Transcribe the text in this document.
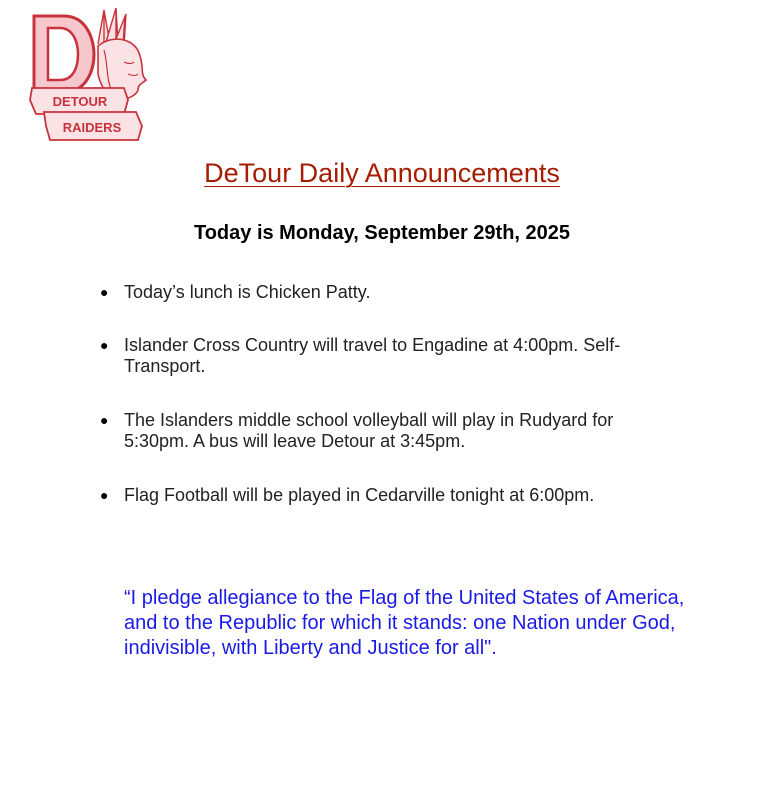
DETOUR
RAIDERS
DeTour Daily Announcements
Today is Monday, September 29th, 2025
● Today’s lunch is Chicken Patty.
● Islander Cross Country will travel to Engadine at 4:00pm. Self-Transport.
● The Islanders middle school volleyball will play in Rudyard for 5:30pm. A bus will leave Detour at 3:45pm.
● Flag Football will be played in Cedarville tonight at 6:00pm.
“I pledge allegiance to the Flag of the United States of America, and to the Republic for which it stands: one Nation under God, indivisible, with Liberty and Justice for all".
